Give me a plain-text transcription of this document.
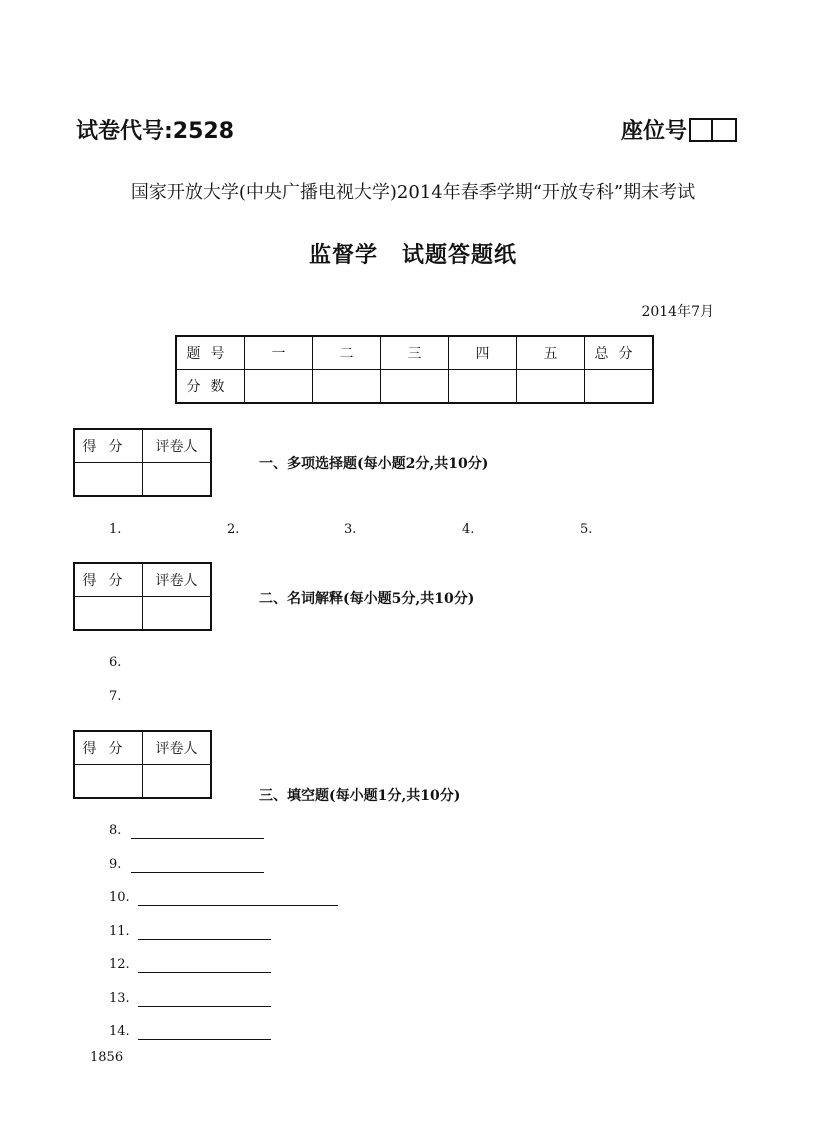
试卷代号:2528	座位号
国家开放大学(中央广播电视大学)2014年春季学期“开放专科”期末考试
监督学 试题答题纸
2014年7月
题号	一	二	三	四	五	总分
分数						
得分	评卷人

一、多项选择题(每小题2分,共10分)
1.	2.	3.	4.	5.
得分	评卷人

二、名词解释(每小题5分,共10分)
6.
7.
得分	评卷人

三、填空题(每小题1分,共10分)
8.
9.
10.
11.
12.
13.
14.
1856
